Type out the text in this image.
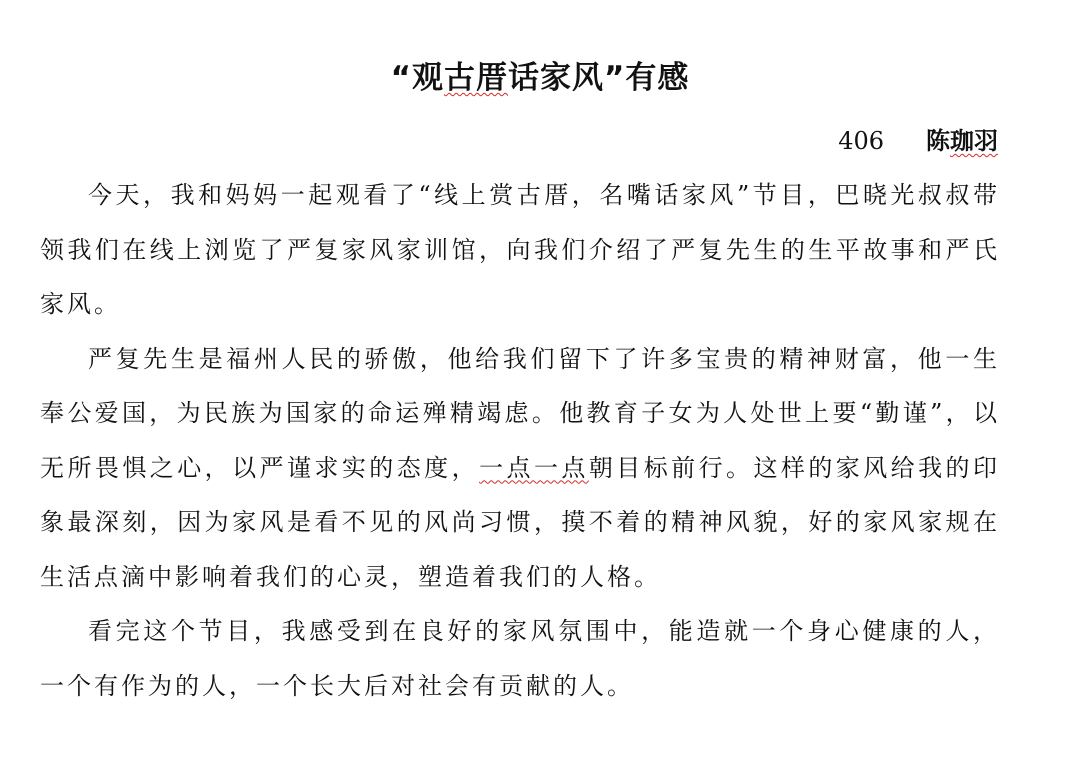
“观古厝话家风”有感
406 陈珈羽

今天，我和妈妈一起观看了“线上赏古厝，名嘴话家风”节目，巴晓光叔叔带领我们在线上浏览了严复家风家训馆，向我们介绍了严复先生的生平故事和严氏家风。

严复先生是福州人民的骄傲，他给我们留下了许多宝贵的精神财富，他一生奉公爱国，为民族为国家的命运殚精竭虑。他教育子女为人处世上要“勤谨”，以无所畏惧之心，以严谨求实的态度，一点一点朝目标前行。这样的家风给我的印象最深刻，因为家风是看不见的风尚习惯，摸不着的精神风貌，好的家风家规在生活点滴中影响着我们的心灵，塑造着我们的人格。

看完这个节目，我感受到在良好的家风氛围中，能造就一个身心健康的人，一个有作为的人，一个长大后对社会有贡献的人。
